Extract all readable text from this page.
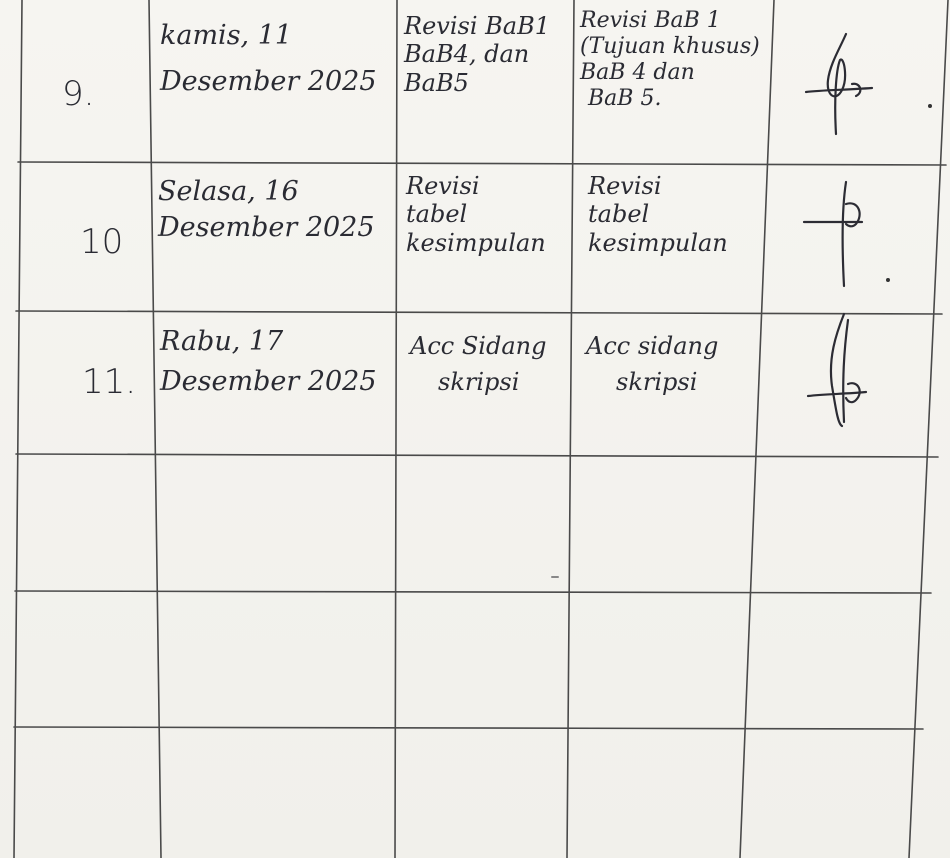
9.
kamis, 11
Desember 2025
Revisi BaB1
BaB4, dan
BaB5
Revisi BaB 1
(Tujuan khusus)
BaB 4 dan
BaB 5.
10
Selasa, 16
Desember 2025
Revisi
tabel
kesimpulan
Revisi
tabel
kesimpulan
11.
Rabu, 17
Desember 2025
Acc Sidang
skripsi
Acc sidang
skripsi
